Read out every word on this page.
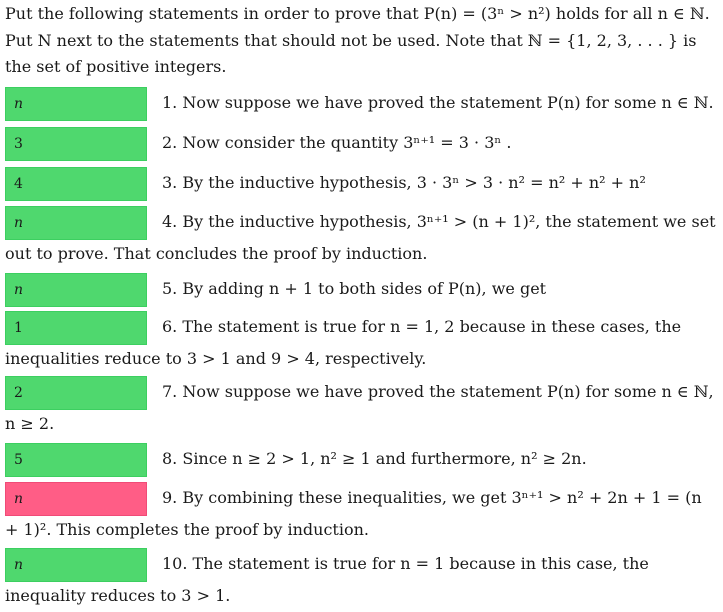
Put the following statements in order to prove that P(n) = (3ⁿ > n²) holds for all n ∈ ℕ. Put N next to the statements that should not be used. Note that ℕ = {1, 2, 3, . . . } is the set of positive integers.

n

1. Now suppose we have proved the statement P(n) for some n ∈ ℕ.

3

2. Now consider the quantity 3ⁿ⁺¹ = 3 · 3ⁿ .

4

3. By the inductive hypothesis, 3 · 3ⁿ > 3 · n² = n² + n² + n²

n

4. By the inductive hypothesis, 3ⁿ⁺¹ > (n + 1)², the statement we set out to prove. That concludes the proof by induction.

n

5. By adding n + 1 to both sides of P(n), we get

1

6. The statement is true for n = 1, 2 because in these cases, the inequalities reduce to 3 > 1 and 9 > 4, respectively.

2

7. Now suppose we have proved the statement P(n) for some n ∈ ℕ, n ≥ 2.

5

8. Since n ≥ 2 > 1, n² ≥ 1 and furthermore, n² ≥ 2n.

n

9. By combining these inequalities, we get 3ⁿ⁺¹ > n² + 2n + 1 = (n + 1)². This completes the proof by induction.

n

10. The statement is true for n = 1 because in this case, the inequality reduces to 3 > 1.
